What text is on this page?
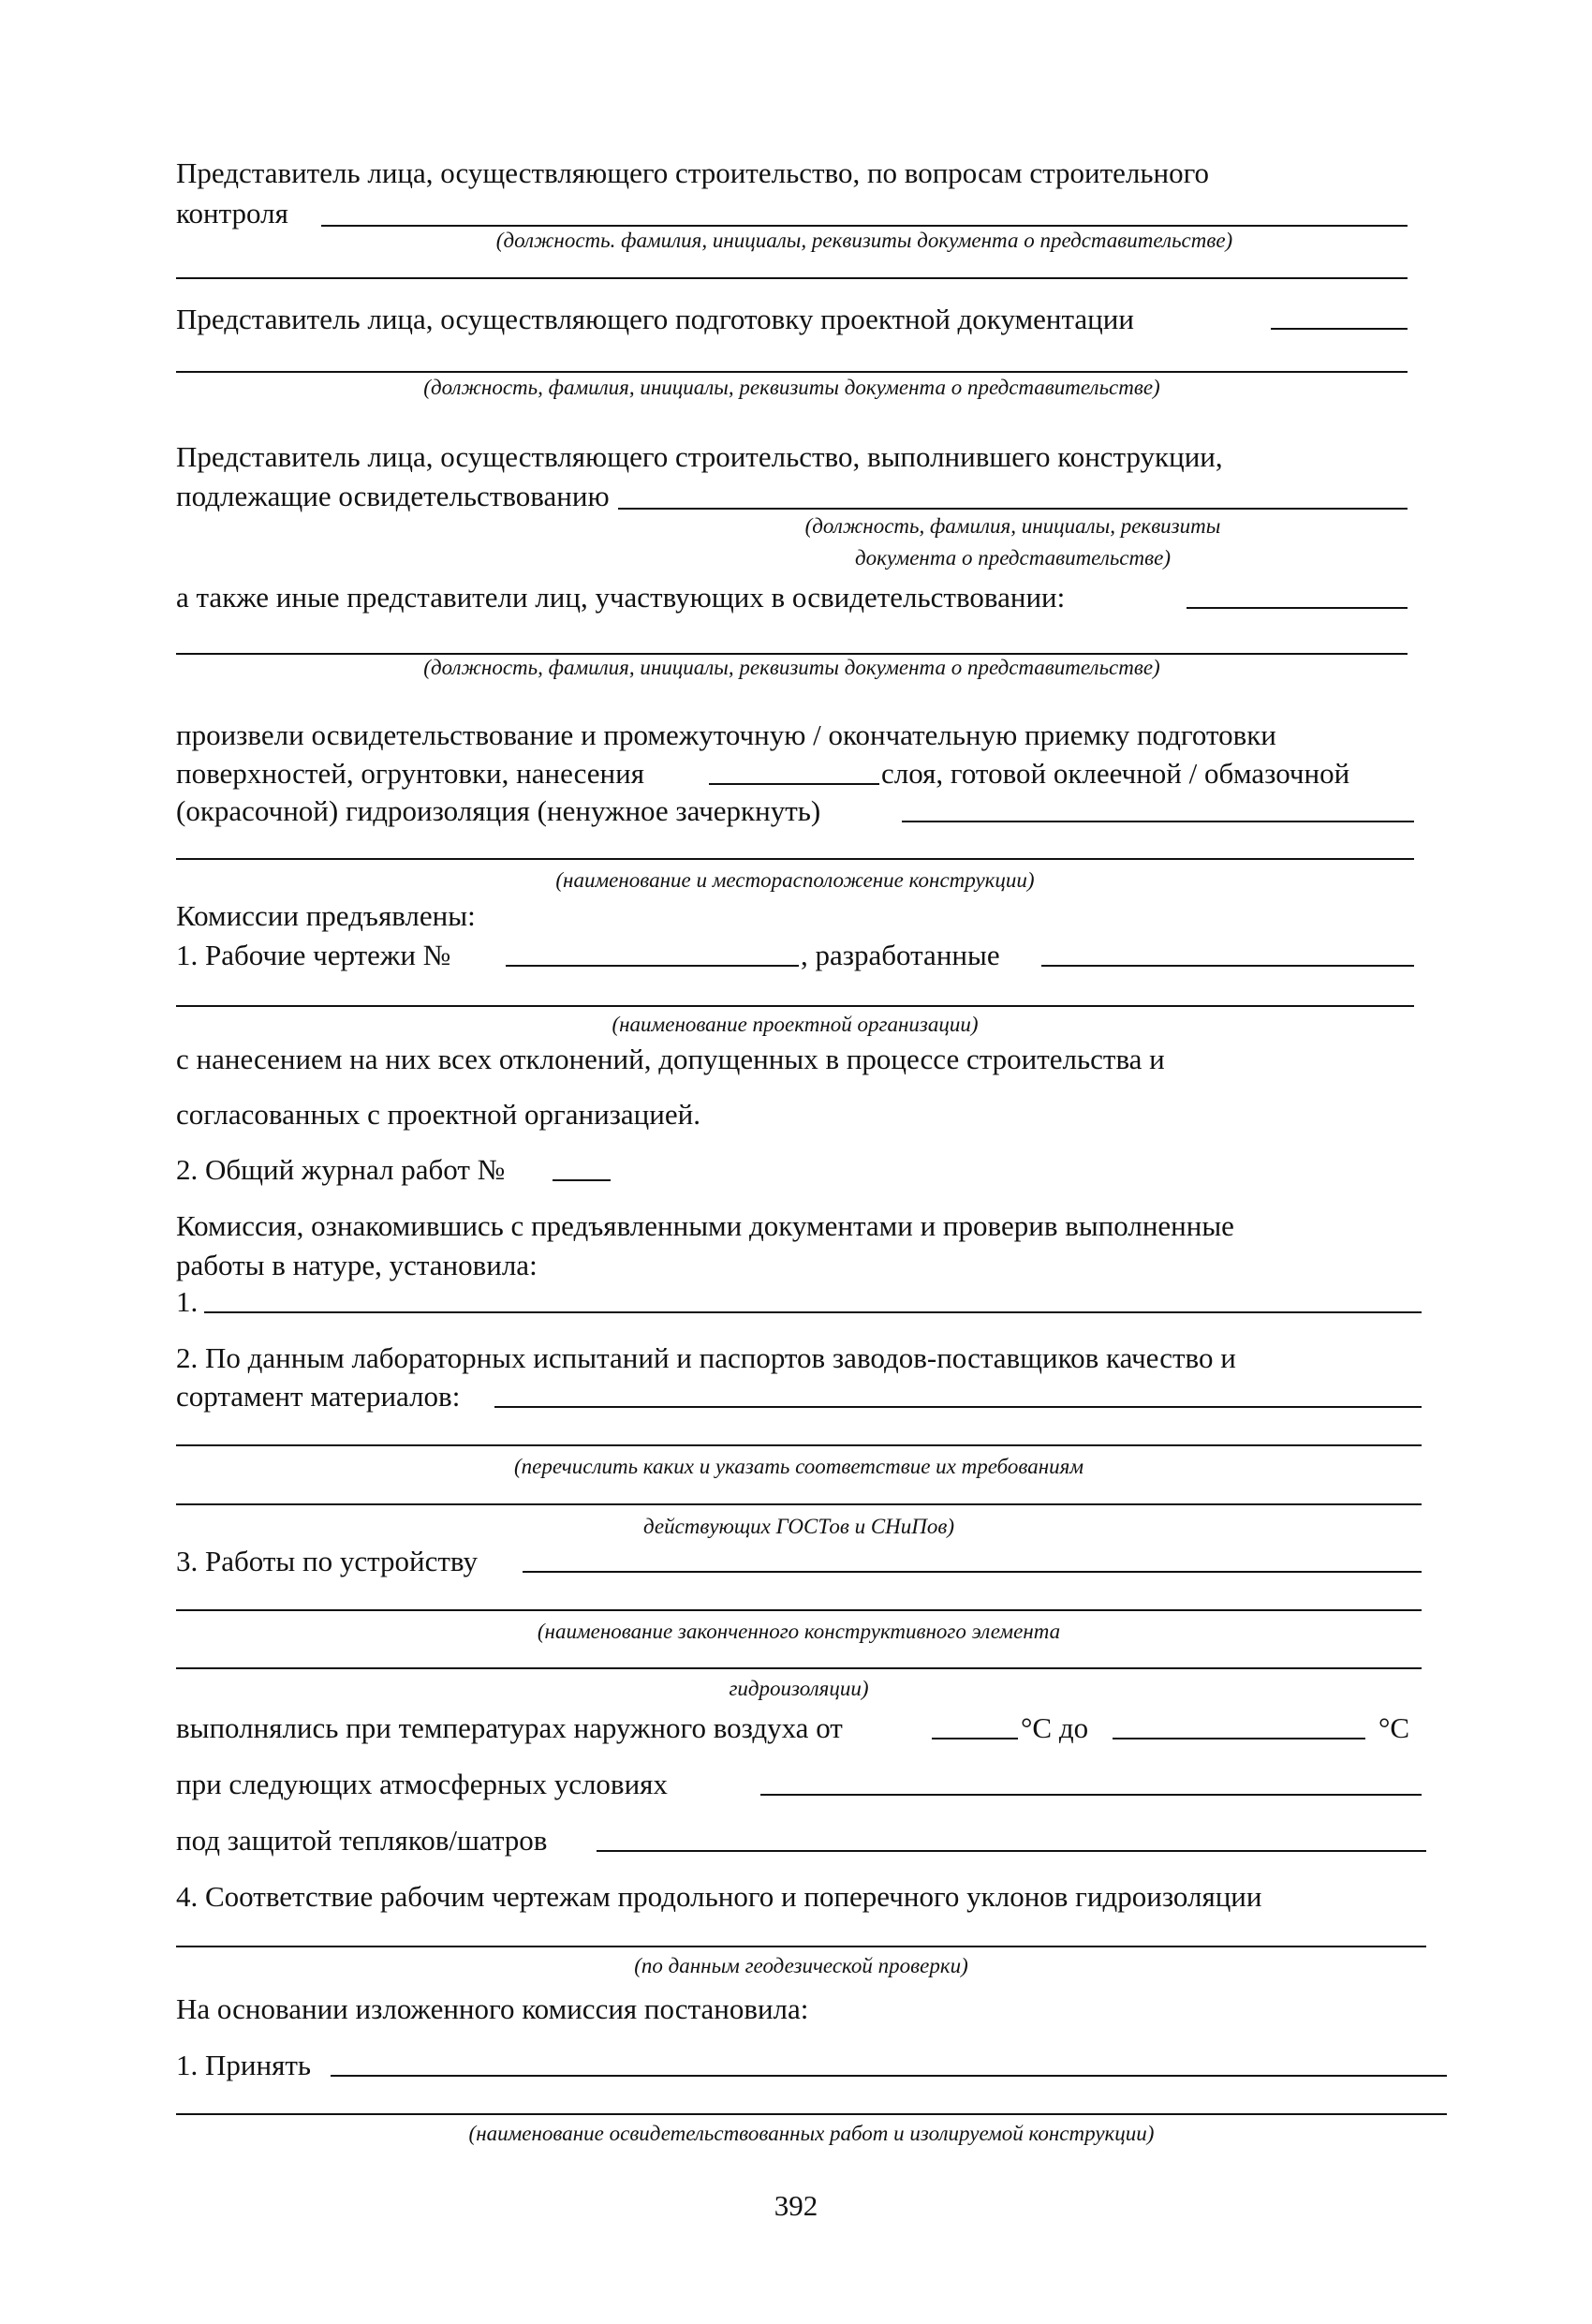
Представитель лица, осуществляющего строительство, по вопросам строительного
контроля
(должность. фамилия, инициалы, реквизиты документа о представительстве)
Представитель лица, осуществляющего подготовку проектной документации
(должность, фамилия, инициалы, реквизиты документа о представительстве)
Представитель лица, осуществляющего строительство, выполнившего конструкции,
подлежащие освидетельствованию
(должность, фамилия, инициалы, реквизиты
документа о представительстве)
а также иные представители лиц, участвующих в освидетельствовании:
(должность, фамилия, инициалы, реквизиты документа о представительстве)
произвели освидетельствование и промежуточную / окончательную приемку подготовки
поверхностей, огрунтовки, нанесения	слоя, готовой оклеечной / обмазочной
(окрасочной) гидроизоляция (ненужное зачеркнуть)
(наименование и месторасположение конструкции)
Комиссии предъявлены:
1. Рабочие чертежи №	, разработанные
(наименование проектной организации)
с нанесением на них всех отклонений, допущенных в процессе строительства и
согласованных с проектной организацией.
2. Общий журнал работ №
Комиссия, ознакомившись с предъявленными документами и проверив выполненные
работы в натуре, установила:
1.
2. По данным лабораторных испытаний и паспортов заводов-поставщиков качество и
сортамент материалов:
(перечислить каких и указать соответствие их требованиям
действующих ГОСТов и СНиПов)
3. Работы по устройству
(наименование законченного конструктивного элемента
гидроизоляции)
выполнялись при температурах наружного воздуха от	°С до	°С
при следующих атмосферных условиях
под защитой тепляков/шатров
4. Соответствие рабочим чертежам продольного и поперечного уклонов гидроизоляции
(по данным геодезической проверки)
На основании изложенного комиссия постановила:
1. Принять
(наименование освидетельствованных работ и изолируемой конструкции)
392
